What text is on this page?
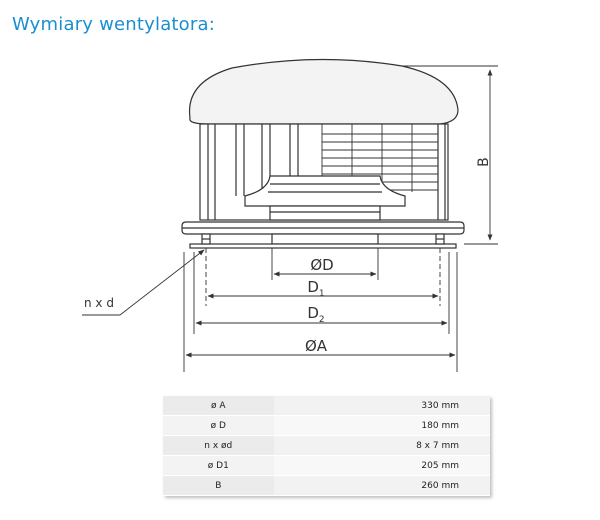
Wymiary wentylatora:
B
ØD
$D_1$
$D_2$
ØA
n x d
ø A	330 mm
ø D	180 mm
n x ød	8 x 7 mm
ø D1	205 mm
B	260 mm
